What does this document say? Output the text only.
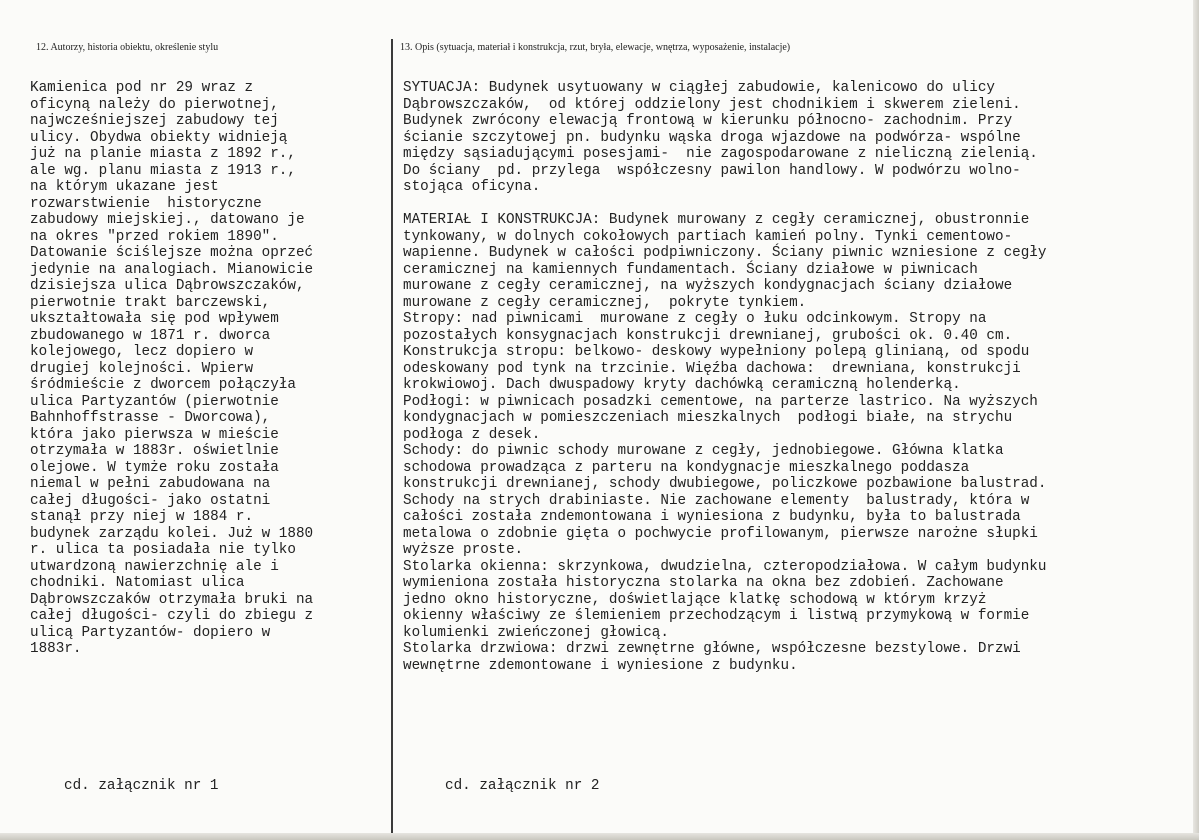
12. Autorzy, historia obiektu, określenie stylu	13. Opis (sytuacja, materiał i konstrukcja, rzut, bryła, elewacje, wnętrza, wyposażenie, instalacje)

Kamienica pod nr 29 wraz z
oficyną należy do pierwotnej,
najwcześniejszej zabudowy tej
ulicy. Obydwa obiekty widnieją
już na planie miasta z 1892 r.,
ale wg. planu miasta z 1913 r.,
na którym ukazane jest
rozwarstwienie  historyczne
zabudowy miejskiej., datowano je
na okres "przed rokiem 1890".
Datowanie ściślejsze można oprzeć
jedynie na analogiach. Mianowicie
dzisiejsza ulica Dąbrowszczaków,
pierwotnie trakt barczewski,
ukształtowała się pod wpływem
zbudowanego w 1871 r. dworca
kolejowego, lecz dopiero w
drugiej kolejności. Wpierw
śródmieście z dworcem połączyła
ulica Partyzantów (pierwotnie
Bahnhoffstrasse - Dworcowa),
która jako pierwsza w mieście
otrzymała w 1883r. oświetlnie
olejowe. W tymże roku została
niemal w pełni zabudowana na
całej długości- jako ostatni
stanął przy niej w 1884 r.
budynek zarządu kolei. Już w 1880
r. ulica ta posiadała nie tylko
utwardzoną nawierzchnię ale i
chodniki. Natomiast ulica
Dąbrowszczaków otrzymała bruki na
całej długości- czyli do zbiegu z
ulicą Partyzantów- dopiero w
1883r.

SYTUACJA: Budynek usytuowany w ciągłej zabudowie, kalenicowo do ulicy
Dąbrowszczaków,  od której oddzielony jest chodnikiem i skwerem zieleni.
Budynek zwrócony elewacją frontową w kierunku północno- zachodnim. Przy
ścianie szczytowej pn. budynku wąska droga wjazdowe na podwórza- wspólne
między sąsiadującymi posesjami-  nie zagospodarowane z nieliczną zielenią.
Do ściany  pd. przylega  współczesny pawilon handlowy. W podwórzu wolno-
stojąca oficyna.

MATERIAŁ I KONSTRUKCJA: Budynek murowany z cegły ceramicznej, obustronnie
tynkowany, w dolnych cokołowych partiach kamień polny. Tynki cementowo-
wapienne. Budynek w całości podpiwniczony. Ściany piwnic wzniesione z cegły
ceramicznej na kamiennych fundamentach. Ściany działowe w piwnicach
murowane z cegły ceramicznej, na wyższych kondygnacjach ściany działowe
murowane z cegły ceramicznej,  pokryte tynkiem.
Stropy: nad piwnicami  murowane z cegły o łuku odcinkowym. Stropy na
pozostałych konsygnacjach konstrukcji drewnianej, grubości ok. 0.40 cm.
Konstrukcja stropu: belkowo- deskowy wypełniony polepą glinianą, od spodu
odeskowany pod tynk na trzcinie. Więźba dachowa:  drewniana, konstrukcji
krokwiowoj. Dach dwuspadowy kryty dachówką ceramiczną holenderką.
Podłogi: w piwnicach posadzki cementowe, na parterze lastrico. Na wyższych
kondygnacjach w pomieszczeniach mieszkalnych  podłogi białe, na strychu
podłoga z desek.
Schody: do piwnic schody murowane z cegły, jednobiegowe. Główna klatka
schodowa prowadząca z parteru na kondygnacje mieszkalnego poddasza
konstrukcji drewnianej, schody dwubiegowe, policzkowe pozbawione balustrad.
Schody na strych drabiniaste. Nie zachowane elementy  balustrady, która w
całości została zndemontowana i wyniesiona z budynku, była to balustrada
metalowa o zdobnie gięta o pochwycie profilowanym, pierwsze narożne słupki
wyższe proste.
Stolarka okienna: skrzynkowa, dwudzielna, czteropodziałowa. W całym budynku
wymieniona została historyczna stolarka na okna bez zdobień. Zachowane
jedno okno historyczne, doświetlające klatkę schodową w którym krzyż
okienny właściwy ze ślemieniem przechodzącym i listwą przymykową w formie
kolumienki zwieńczonej głowicą.
Stolarka drzwiowa: drzwi zewnętrne główne, współczesne bezstylowe. Drzwi
wewnętrne zdemontowane i wyniesione z budynku.

cd. załącznik nr 1	cd. załącznik nr 2
